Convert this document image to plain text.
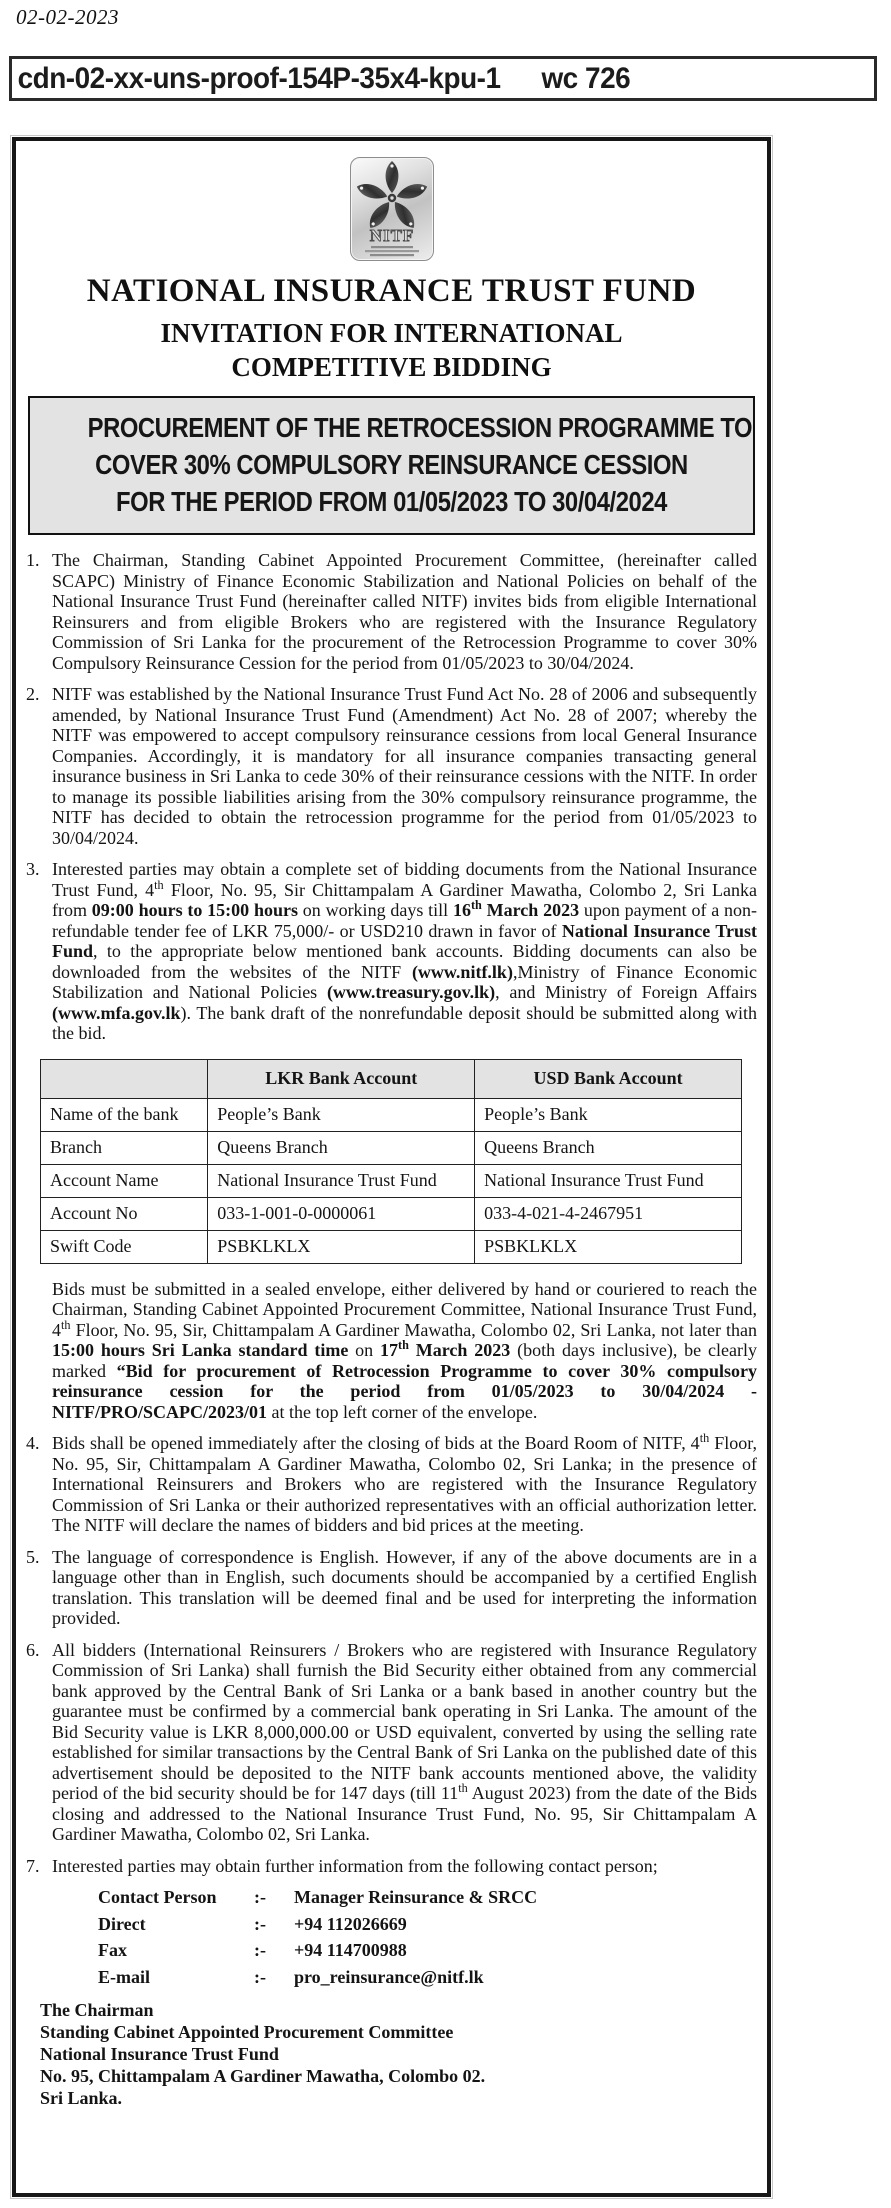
02-02-2023
cdn-02-xx-uns-proof-154P-35x4-kpu-1 wc 726
NITF
NATIONAL INSURANCE TRUST FUND
INVITATION FOR INTERNATIONAL
COMPETITIVE BIDDING
PROCUREMENT OF THE RETROCESSION PROGRAMME TO
COVER 30% COMPULSORY REINSURANCE CESSION
FOR THE PERIOD FROM 01/05/2023 TO 30/04/2024
1. The Chairman, Standing Cabinet Appointed Procurement Committee, (hereinafter called SCAPC) Ministry of Finance Economic Stabilization and National Policies on behalf of the National Insurance Trust Fund (hereinafter called NITF) invites bids from eligible International Reinsurers and from eligible Brokers who are registered with the Insurance Regulatory Commission of Sri Lanka for the procurement of the Retrocession Programme to cover 30% Compulsory Reinsurance Cession for the period from 01/05/2023 to 30/04/2024.
2. NITF was established by the National Insurance Trust Fund Act No. 28 of 2006 and subsequently amended, by National Insurance Trust Fund (Amendment) Act No. 28 of 2007; whereby the NITF was empowered to accept compulsory reinsurance cessions from local General Insurance Companies. Accordingly, it is mandatory for all insurance companies transacting general insurance business in Sri Lanka to cede 30% of their reinsurance cessions with the NITF. In order to manage its possible liabilities arising from the 30% compulsory reinsurance programme, the NITF has decided to obtain the retrocession programme for the period from 01/05/2023 to 30/04/2024.
3. Interested parties may obtain a complete set of bidding documents from the National Insurance Trust Fund, 4th Floor, No. 95, Sir Chittampalam A Gardiner Mawatha, Colombo 2, Sri Lanka from 09:00 hours to 15:00 hours on working days till 16th March 2023 upon payment of a non-refundable tender fee of LKR 75,000/- or USD210 drawn in favor of National Insurance Trust Fund, to the appropriate below mentioned bank accounts. Bidding documents can also be downloaded from the websites of the NITF (www.nitf.lk),Ministry of Finance Economic Stabilization and National Policies (www.treasury.gov.lk), and Ministry of Foreign Affairs (www.mfa.gov.lk). The bank draft of the nonrefundable deposit should be submitted along with the bid.
	LKR Bank Account	USD Bank Account
Name of the bank	People’s Bank	People’s Bank
Branch	Queens Branch	Queens Branch
Account Name	National Insurance Trust Fund	National Insurance Trust Fund
Account No	033-1-001-0-0000061	033-4-021-4-2467951
Swift Code	PSBKLKLX	PSBKLKLX
Bids must be submitted in a sealed envelope, either delivered by hand or couriered to reach the Chairman, Standing Cabinet Appointed Procurement Committee, National Insurance Trust Fund, 4th Floor, No. 95, Sir, Chittampalam A Gardiner Mawatha, Colombo 02, Sri Lanka, not later than 15:00 hours Sri Lanka standard time on 17th March 2023 (both days inclusive), be clearly marked “Bid for procurement of Retrocession Programme to cover 30% compulsory reinsurance cession for the period from 01/05/2023 to 30/04/2024 - NITF/PRO/SCAPC/2023/01 at the top left corner of the envelope.
4. Bids shall be opened immediately after the closing of bids at the Board Room of NITF, 4th Floor, No. 95, Sir, Chittampalam A Gardiner Mawatha, Colombo 02, Sri Lanka; in the presence of International Reinsurers and Brokers who are registered with the Insurance Regulatory Commission of Sri Lanka or their authorized representatives with an official authorization letter. The NITF will declare the names of bidders and bid prices at the meeting.
5. The language of correspondence is English. However, if any of the above documents are in a language other than in English, such documents should be accompanied by a certified English translation. This translation will be deemed final and be used for interpreting the information provided.
6. All bidders (International Reinsurers / Brokers who are registered with Insurance Regulatory Commission of Sri Lanka) shall furnish the Bid Security either obtained from any commercial bank approved by the Central Bank of Sri Lanka or a bank based in another country but the guarantee must be confirmed by a commercial bank operating in Sri Lanka. The amount of the Bid Security value is LKR 8,000,000.00 or USD equivalent, converted by using the selling rate established for similar transactions by the Central Bank of Sri Lanka on the published date of this advertisement should be deposited to the NITF bank accounts mentioned above, the validity period of the bid security should be for 147 days (till 11th August 2023) from the date of the Bids closing and addressed to the National Insurance Trust Fund, No. 95, Sir Chittampalam A Gardiner Mawatha, Colombo 02, Sri Lanka.
7. Interested parties may obtain further information from the following contact person;
Contact Person	:-	Manager Reinsurance & SRCC
Direct	:-	+94 112026669
Fax	:-	+94 114700988
E-mail	:-	pro_reinsurance@nitf.lk
The Chairman
Standing Cabinet Appointed Procurement Committee
National Insurance Trust Fund
No. 95, Chittampalam A Gardiner Mawatha, Colombo 02.
Sri Lanka.
